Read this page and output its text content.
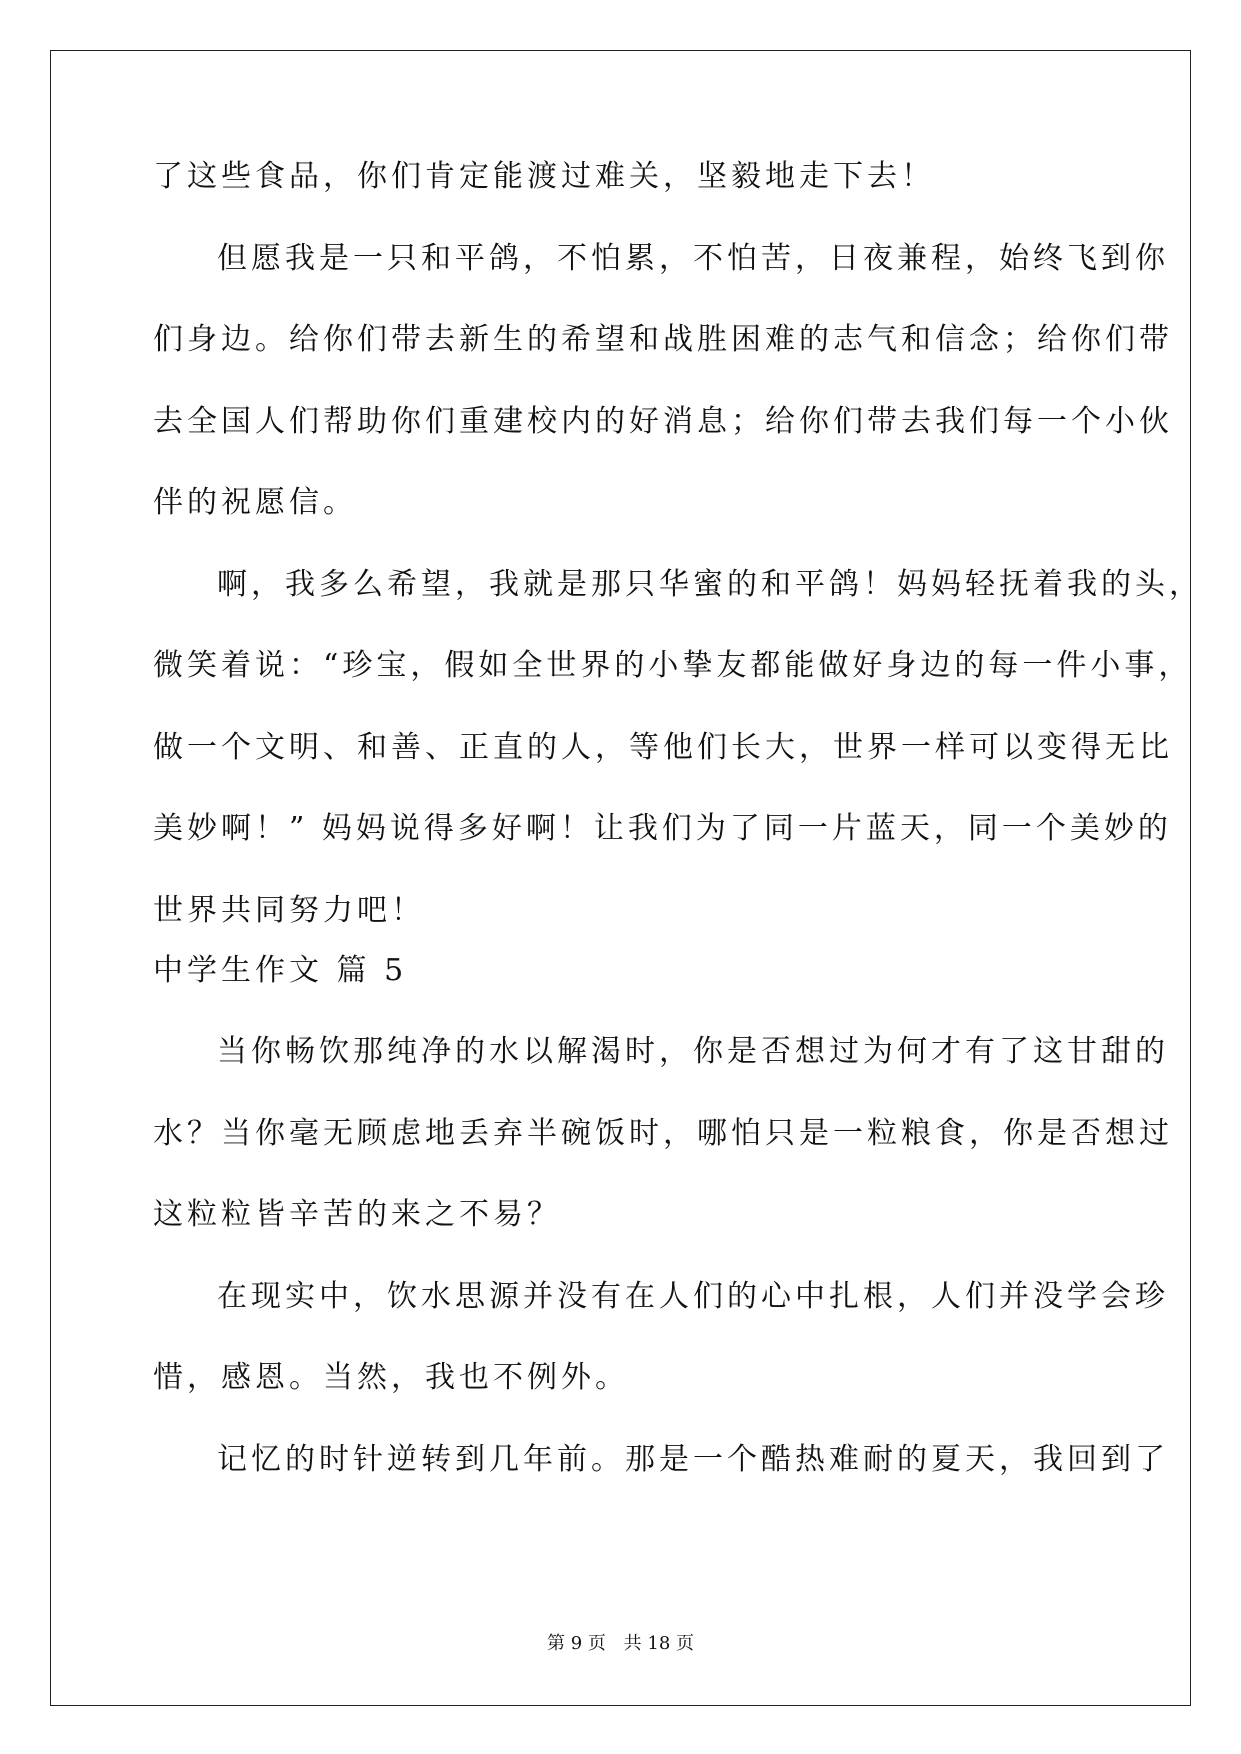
了这些食品，你们肯定能渡过难关，坚毅地走下去！
但愿我是一只和平鸽，不怕累，不怕苦，日夜兼程，始终飞到你
们身边。给你们带去新生的希望和战胜困难的志气和信念；给你们带
去全国人们帮助你们重建校内的好消息；给你们带去我们每一个小伙
伴的祝愿信。
啊，我多么希望，我就是那只华蜜的和平鸽！妈妈轻抚着我的头，
微笑着说：“珍宝，假如全世界的小挚友都能做好身边的每一件小事，
做一个文明、和善、正直的人，等他们长大，世界一样可以变得无比
美妙啊！” 妈妈说得多好啊！让我们为了同一片蓝天，同一个美妙的
世界共同努力吧！
中学生作文 篇 5
当你畅饮那纯净的水以解渴时，你是否想过为何才有了这甘甜的
水？当你毫无顾虑地丢弃半碗饭时，哪怕只是一粒粮食，你是否想过
这粒粒皆辛苦的来之不易？
在现实中，饮水思源并没有在人们的心中扎根，人们并没学会珍
惜，感恩。当然，我也不例外。
记忆的时针逆转到几年前。那是一个酷热难耐的夏天，我回到了
第 9 页 共 18 页
